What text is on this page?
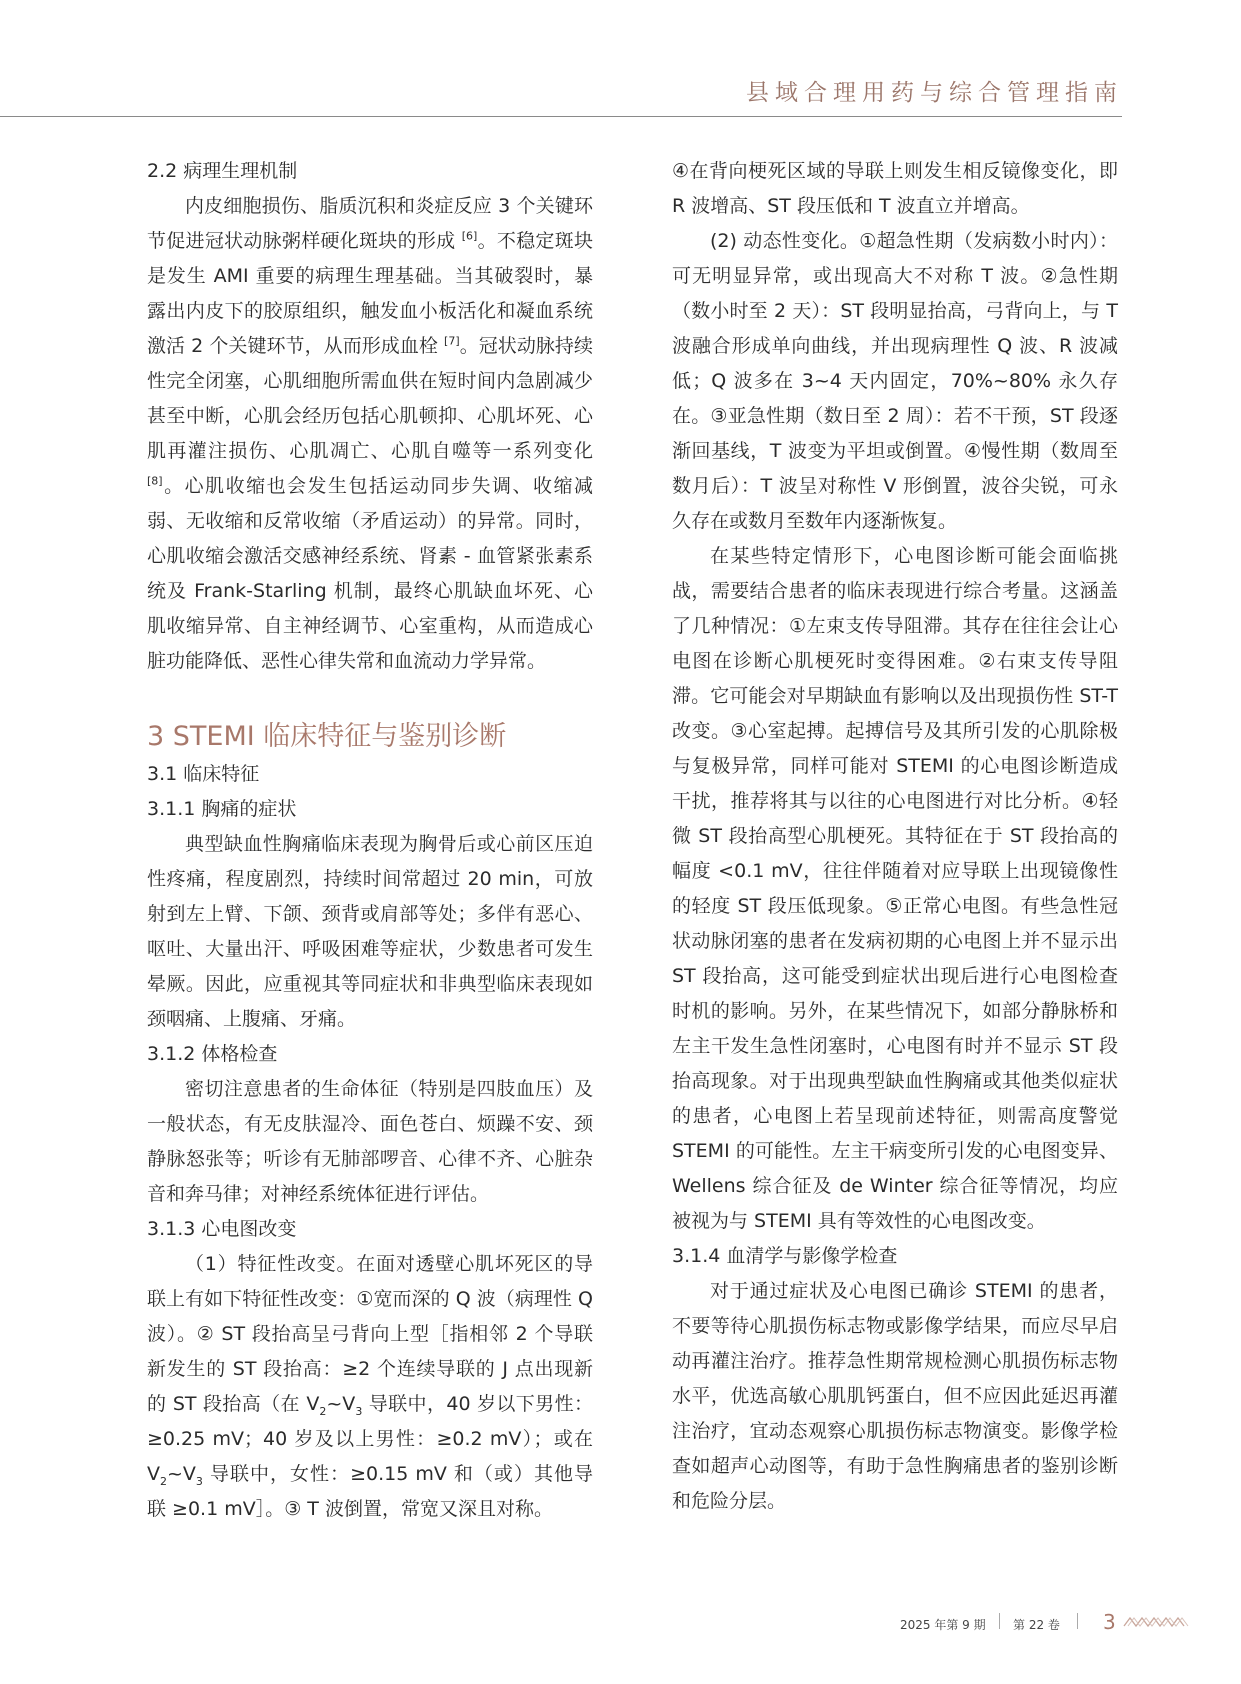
县域合理用药与综合管理指南

2.2 病理生理机制

内皮细胞损伤、脂质沉积和炎症反应 3 个关键环节促进冠状动脉粥样硬化斑块的形成 [6]。不稳定斑块是发生 AMI 重要的病理生理基础。当其破裂时，暴露出内皮下的胶原组织，触发血小板活化和凝血系统激活 2 个关键环节，从而形成血栓 [7]。冠状动脉持续性完全闭塞，心肌细胞所需血供在短时间内急剧减少甚至中断，心肌会经历包括心肌顿抑、心肌坏死、心肌再灌注损伤、心肌凋亡、心肌自噬等一系列变化 [8]。心肌收缩也会发生包括运动同步失调、收缩减弱、无收缩和反常收缩（矛盾运动）的异常。同时，心肌收缩会激活交感神经系统、肾素 - 血管紧张素系统及 Frank-Starling 机制，最终心肌缺血坏死、心肌收缩异常、自主神经调节、心室重构，从而造成心脏功能降低、恶性心律失常和血流动力学异常。

3 STEMI 临床特征与鉴别诊断

3.1 临床特征

3.1.1 胸痛的症状

典型缺血性胸痛临床表现为胸骨后或心前区压迫性疼痛，程度剧烈，持续时间常超过 20 min，可放射到左上臂、下颌、颈背或肩部等处；多伴有恶心、呕吐、大量出汗、呼吸困难等症状，少数患者可发生晕厥。因此，应重视其等同症状和非典型临床表现如颈咽痛、上腹痛、牙痛。

3.1.2 体格检查

密切注意患者的生命体征（特别是四肢血压）及一般状态，有无皮肤湿冷、面色苍白、烦躁不安、颈静脉怒张等；听诊有无肺部啰音、心律不齐、心脏杂音和奔马律；对神经系统体征进行评估。

3.1.3 心电图改变

（1）特征性改变。在面对透壁心肌坏死区的导联上有如下特征性改变：①宽而深的 Q 波（病理性 Q 波）。② ST 段抬高呈弓背向上型［指相邻 2 个导联新发生的 ST 段抬高：≥2 个连续导联的 J 点出现新的 ST 段抬高（在 $V_2\sim V_3$ 导联中，40 岁以下男性：≥0.25 mV；40 岁及以上男性：≥0.2 mV）；或在 $V_2\sim V_3$ 导联中，女性：≥0.15 mV 和（或）其他导联 ≥0.1 mV］。③ T 波倒置，常宽又深且对称。

④在背向梗死区域的导联上则发生相反镜像变化，即 R 波增高、ST 段压低和 T 波直立并增高。

(2) 动态性变化。①超急性期（发病数小时内）：可无明显异常，或出现高大不对称 T 波。②急性期（数小时至 2 天）：ST 段明显抬高，弓背向上，与 T 波融合形成单向曲线，并出现病理性 Q 波、R 波减低；Q 波多在 3~4 天内固定，70%~80% 永久存在。③亚急性期（数日至 2 周）：若不干预，ST 段逐渐回基线，T 波变为平坦或倒置。④慢性期（数周至数月后）：T 波呈对称性 V 形倒置，波谷尖锐，可永久存在或数月至数年内逐渐恢复。

在某些特定情形下，心电图诊断可能会面临挑战，需要结合患者的临床表现进行综合考量。这涵盖了几种情况：①左束支传导阻滞。其存在往往会让心电图在诊断心肌梗死时变得困难。②右束支传导阻滞。它可能会对早期缺血有影响以及出现损伤性 ST-T 改变。③心室起搏。起搏信号及其所引发的心肌除极与复极异常，同样可能对 STEMI 的心电图诊断造成干扰，推荐将其与以往的心电图进行对比分析。④轻微 ST 段抬高型心肌梗死。其特征在于 ST 段抬高的幅度 <0.1 mV，往往伴随着对应导联上出现镜像性的轻度 ST 段压低现象。⑤正常心电图。有些急性冠状动脉闭塞的患者在发病初期的心电图上并不显示出 ST 段抬高，这可能受到症状出现后进行心电图检查时机的影响。另外，在某些情况下，如部分静脉桥和左主干发生急性闭塞时，心电图有时并不显示 ST 段抬高现象。对于出现典型缺血性胸痛或其他类似症状的患者，心电图上若呈现前述特征，则需高度警觉 STEMI 的可能性。左主干病变所引发的心电图变异、Wellens 综合征及 de Winter 综合征等情况，均应被视为与 STEMI 具有等效性的心电图改变。

3.1.4 血清学与影像学检查

对于通过症状及心电图已确诊 STEMI 的患者，不要等待心肌损伤标志物或影像学结果，而应尽早启动再灌注治疗。推荐急性期常规检测心肌损伤标志物水平，优选高敏心肌肌钙蛋白，但不应因此延迟再灌注治疗，宜动态观察心肌损伤标志物演变。影像学检查如超声心动图等，有助于急性胸痛患者的鉴别诊断和危险分层。

2025 年第 9 期 第 22 卷 3
